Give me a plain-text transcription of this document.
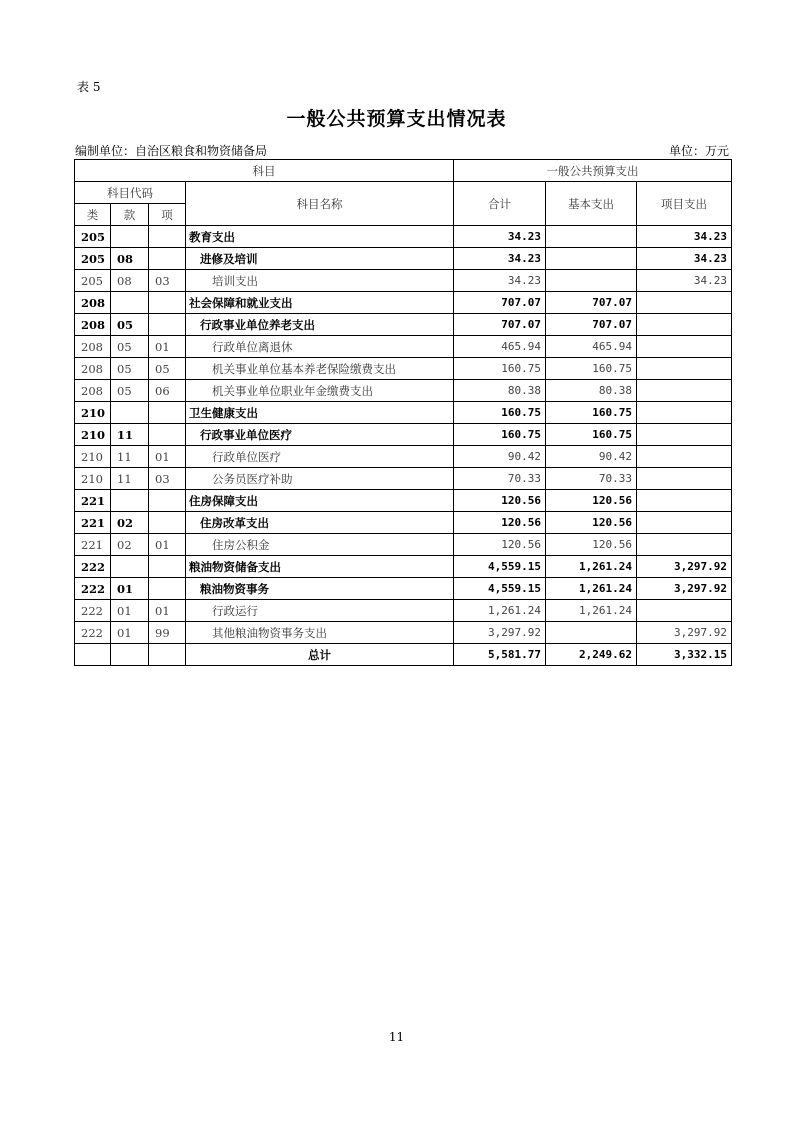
表 5
一般公共预算支出情况表
编制单位：自治区粮食和物资储备局	单位：万元
科目				一般公共预算支出		
科目代码			科目名称	合计	基本支出	项目支出
类	款	项				
205			教育支出	34.23		34.23
205	08		进修及培训	34.23		34.23
205	08	03	培训支出	34.23		34.23
208			社会保障和就业支出	707.07	707.07	
208	05		行政事业单位养老支出	707.07	707.07	
208	05	01	行政单位离退休	465.94	465.94	
208	05	05	机关事业单位基本养老保险缴费支出	160.75	160.75	
208	05	06	机关事业单位职业年金缴费支出	80.38	80.38	
210			卫生健康支出	160.75	160.75	
210	11		行政事业单位医疗	160.75	160.75	
210	11	01	行政单位医疗	90.42	90.42	
210	11	03	公务员医疗补助	70.33	70.33	
221			住房保障支出	120.56	120.56	
221	02		住房改革支出	120.56	120.56	
221	02	01	住房公积金	120.56	120.56	
222			粮油物资储备支出	4,559.15	1,261.24	3,297.92
222	01		粮油物资事务	4,559.15	1,261.24	3,297.92
222	01	01	行政运行	1,261.24	1,261.24	
222	01	99	其他粮油物资事务支出	3,297.92		3,297.92
			总计	5,581.77	2,249.62	3,332.15
11
